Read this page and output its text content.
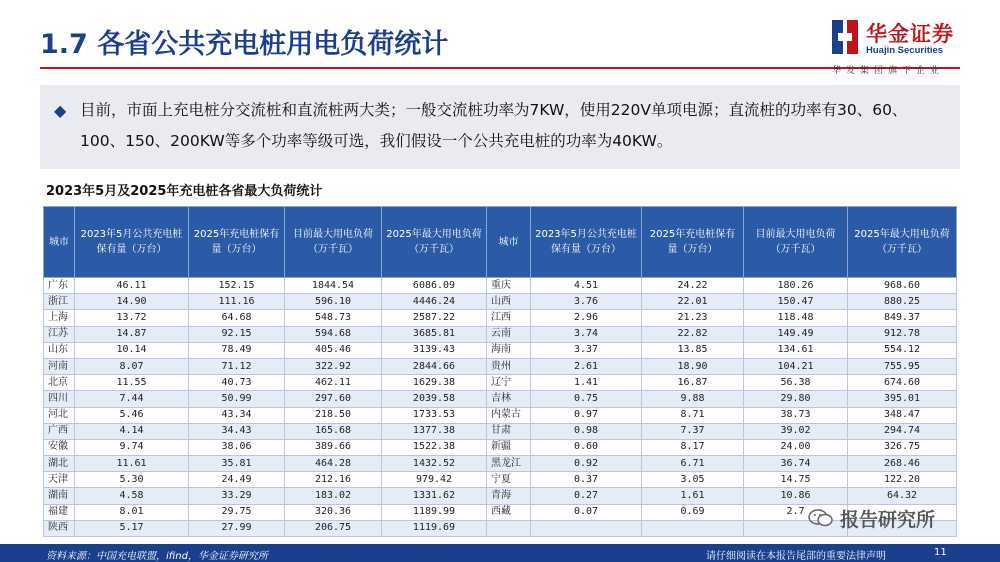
1.7 各省公共充电桩用电负荷统计	华金证券
Huajin Securities
华发集团旗下企业
◆ 目前，市面上充电桩分交流桩和直流桩两大类；一般交流桩功率为7KW，使用220V单项电源；直流桩的功率有30、60、100、150、200KW等多个功率等级可选，我们假设一个公共充电桩的功率为40KW。
2023年5月及2025年充电桩各省最大负荷统计
城市	2023年5月公共充电桩保有量（万台）	2025年充电桩保有量（万台）	目前最大用电负荷（万千瓦）	2025年最大用电负荷（万千瓦）	城市	2023年5月公共充电桩保有量（万台）	2025年充电桩保有量（万台）	目前最大用电负荷（万千瓦）	2025年最大用电负荷（万千瓦）
广东	46.11	152.15	1844.54	6086.09	重庆	4.51	24.22	180.26	968.60
浙江	14.90	111.16	596.10	4446.24	山西	3.76	22.01	150.47	880.25
上海	13.72	64.68	548.73	2587.22	江西	2.96	21.23	118.48	849.37
江苏	14.87	92.15	594.68	3685.81	云南	3.74	22.82	149.49	912.78
山东	10.14	78.49	405.46	3139.43	海南	3.37	13.85	134.61	554.12
河南	8.07	71.12	322.92	2844.66	贵州	2.61	18.90	104.21	755.95
北京	11.55	40.73	462.11	1629.38	辽宁	1.41	16.87	56.38	674.60
四川	7.44	50.99	297.60	2039.58	吉林	0.75	9.88	29.80	395.01
河北	5.46	43.34	218.50	1733.53	内蒙古	0.97	8.71	38.73	348.47
广西	4.14	34.43	165.68	1377.38	甘肃	0.98	7.37	39.02	294.74
安徽	9.74	38.06	389.66	1522.38	新疆	0.60	8.17	24.00	326.75
湖北	11.61	35.81	464.28	1432.52	黑龙江	0.92	6.71	36.74	268.46
天津	5.30	24.49	212.16	979.42	宁夏	0.37	3.05	14.75	122.20
湖南	4.58	33.29	183.02	1331.62	青海	0.27	1.61	10.86	64.32
福建	8.01	29.75	320.36	1189.99	西藏	0.07	0.69	2.7	
陕西	5.17	27.99	206.75	1119.69						报告研究所
资料来源：中国充电联盟，ifind，华金证券研究所	请仔细阅读在本报告尾部的重要法律声明	11
